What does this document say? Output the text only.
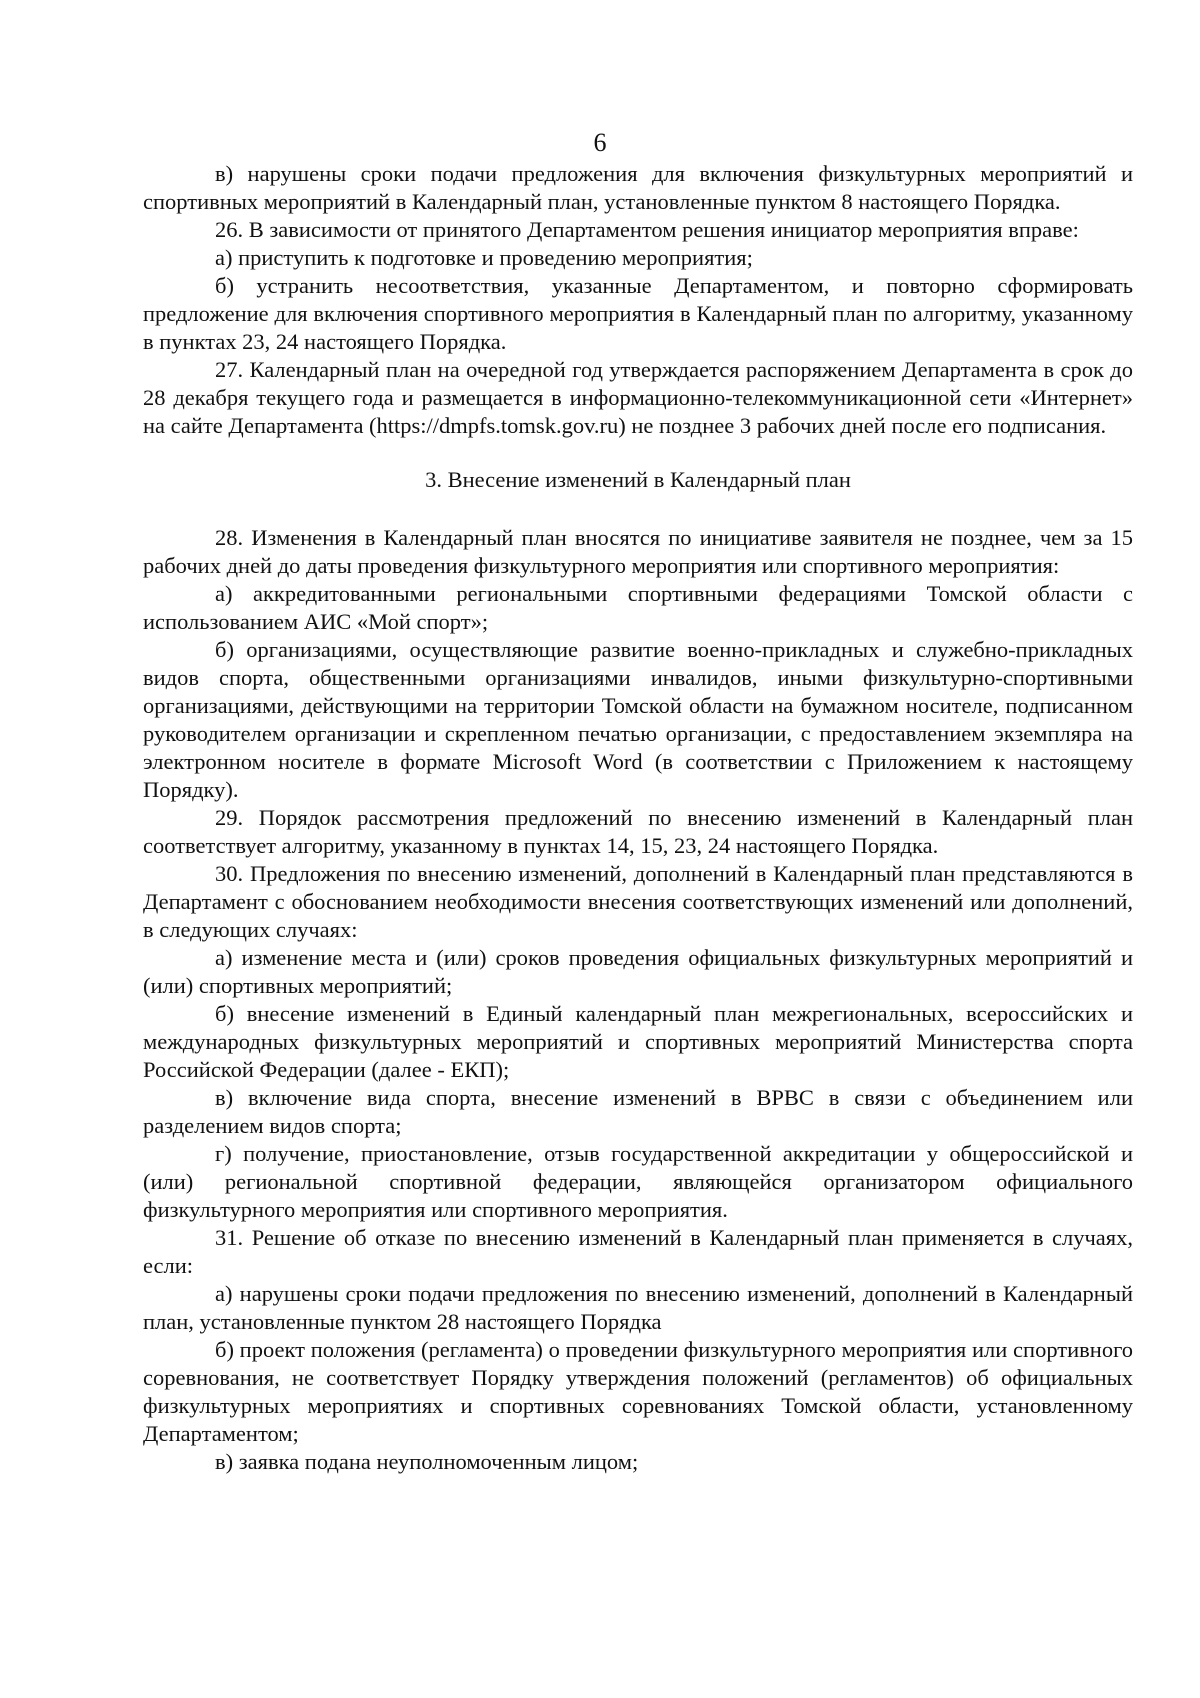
6

в) нарушены сроки подачи предложения для включения физкультурных мероприятий и спортивных мероприятий в Календарный план, установленные пунктом 8 настоящего Порядка.

26. В зависимости от принятого Департаментом решения инициатор мероприятия вправе:

а) приступить к подготовке и проведению мероприятия;

б) устранить несоответствия, указанные Департаментом, и повторно сформировать предложение для включения спортивного мероприятия в Календарный план по алгоритму, указанному в пунктах 23, 24 настоящего Порядка.

27. Календарный план на очередной год утверждается распоряжением Департамента в срок до 28 декабря текущего года и размещается в информационно-телекоммуникационной сети «Интернет» на сайте Департамента (https://dmpfs.tomsk.gov.ru) не позднее 3 рабочих дней после его подписания.

3. Внесение изменений в Календарный план

28. Изменения в Календарный план вносятся по инициативе заявителя не позднее, чем за 15 рабочих дней до даты проведения физкультурного мероприятия или спортивного мероприятия:

а) аккредитованными региональными спортивными федерациями Томской области с использованием АИС «Мой спорт»;

б) организациями, осуществляющие развитие военно-прикладных и служебно-прикладных видов спорта, общественными организациями инвалидов, иными физкультурно-спортивными организациями, действующими на территории Томской области на бумажном носителе, подписанном руководителем организации и скрепленном печатью организации, с предоставлением экземпляра на электронном носителе в формате Microsoft Word (в соответствии с Приложением к настоящему Порядку).

29. Порядок рассмотрения предложений по внесению изменений в Календарный план соответствует алгоритму, указанному в пунктах 14, 15, 23, 24 настоящего Порядка.

30. Предложения по внесению изменений, дополнений в Календарный план представляются в Департамент с обоснованием необходимости внесения соответствующих изменений или дополнений, в следующих случаях:

а) изменение места и (или) сроков проведения официальных физкультурных мероприятий и (или) спортивных мероприятий;

б) внесение изменений в Единый календарный план межрегиональных, всероссийских и международных физкультурных мероприятий и спортивных мероприятий Министерства спорта Российской Федерации (далее - ЕКП);

в) включение вида спорта, внесение изменений в ВРВС в связи с объединением или разделением видов спорта;

г) получение, приостановление, отзыв государственной аккредитации у общероссийской и (или) региональной спортивной федерации, являющейся организатором официального физкультурного мероприятия или спортивного мероприятия.

31. Решение об отказе по внесению изменений в Календарный план применяется в случаях, если:

а) нарушены сроки подачи предложения по внесению изменений, дополнений в Календарный план, установленные пунктом 28 настоящего Порядка

б) проект положения (регламента) о проведении физкультурного мероприятия или спортивного соревнования, не соответствует Порядку утверждения положений (регламентов) об официальных физкультурных мероприятиях и спортивных соревнованиях Томской области, установленному Департаментом;

в) заявка подана неуполномоченным лицом;
